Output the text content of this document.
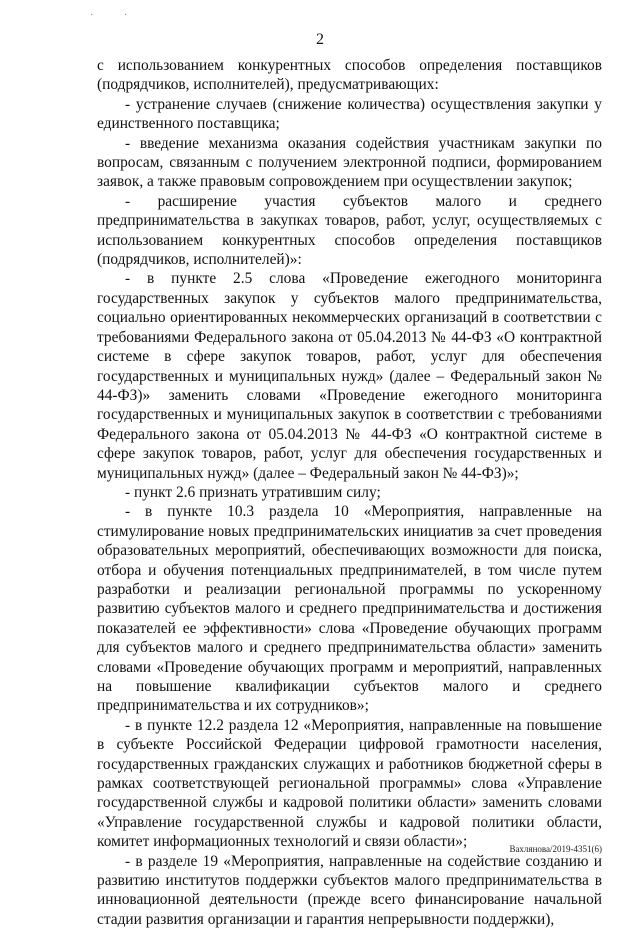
· ·
2

с использованием конкурентных способов определения поставщиков (подрядчиков, исполнителей), предусматривающих:

- устранение случаев (снижение количества) осуществления закупки у единственного поставщика;

- введение механизма оказания содействия участникам закупки по вопросам, связанным с получением электронной подписи, формированием заявок, а также правовым сопровождением при осуществлении закупок;

- расширение участия субъектов малого и среднего предпринимательства в закупках товаров, работ, услуг, осуществляемых с использованием конкурентных способов определения поставщиков (подрядчиков, исполнителей)»:

- в пункте 2.5 слова «Проведение ежегодного мониторинга государственных закупок у субъектов малого предпринимательства, социально ориентированных некоммерческих организаций в соответствии с требованиями Федерального закона от 05.04.2013 № 44-ФЗ «О контрактной системе в сфере закупок товаров, работ, услуг для обеспечения государственных и муниципальных нужд» (далее – Федеральный закон № 44-ФЗ)» заменить словами «Проведение ежегодного мониторинга государственных и муниципальных закупок в соответствии с требованиями Федерального закона от 05.04.2013 № 44-ФЗ «О контрактной системе в сфере закупок товаров, работ, услуг для обеспечения государственных и муниципальных нужд» (далее – Федеральный закон № 44-ФЗ)»;

- пункт 2.6 признать утратившим силу;

- в пункте 10.3 раздела 10 «Мероприятия, направленные на стимулирование новых предпринимательских инициатив за счет проведения образовательных мероприятий, обеспечивающих возможности для поиска, отбора и обучения потенциальных предпринимателей, в том числе путем разработки и реализации региональной программы по ускоренному развитию субъектов малого и среднего предпринимательства и достижения показателей ее эффективности» слова «Проведение обучающих программ для субъектов малого и среднего предпринимательства области» заменить словами «Проведение обучающих программ и мероприятий, направленных на повышение квалификации субъектов малого и среднего предпринимательства и их сотрудников»;

- в пункте 12.2 раздела 12 «Мероприятия, направленные на повышение в субъекте Российской Федерации цифровой грамотности населения, государственных гражданских служащих и работников бюджетной сферы в рамках соответствующей региональной программы» слова «Управление государственной службы и кадровой политики области» заменить словами «Управление государственной службы и кадровой политики области, комитет информационных технологий и связи области»;

- в разделе 19 «Мероприятия, направленные на содействие созданию и развитию институтов поддержки субъектов малого предпринимательства в инновационной деятельности (прежде всего финансирование начальной стадии развития организации и гарантия непрерывности поддержки),

Вахлянова/2019-4351(6)
